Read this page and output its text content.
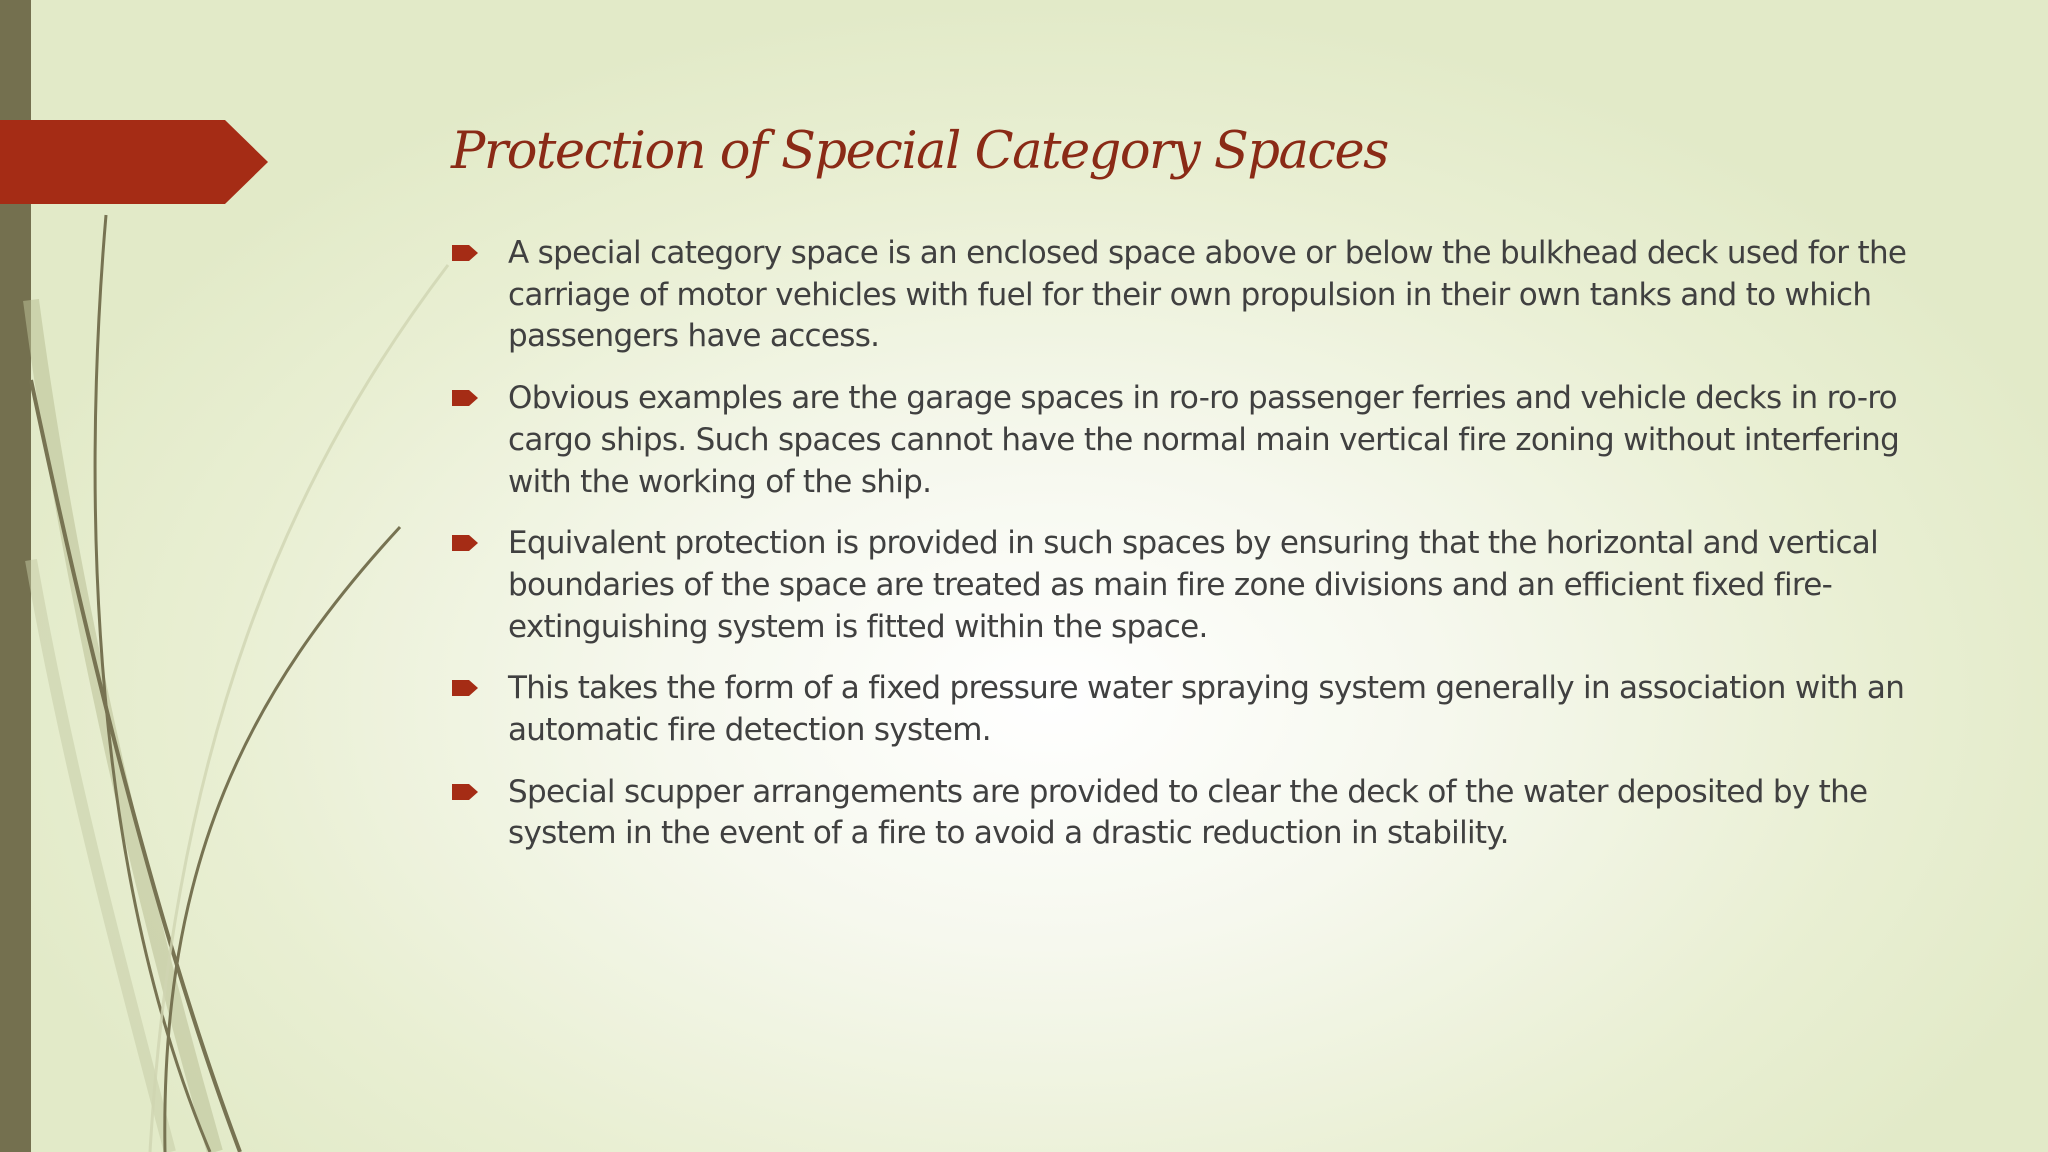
Protection of Special Category Spaces
A special category space is an enclosed space above or below the bulkhead deck used for the carriage of motor vehicles with fuel for their own propulsion in their own tanks and to which passengers have access.
Obvious examples are the garage spaces in ro-ro passenger ferries and vehicle decks in ro-ro cargo ships. Such spaces cannot have the normal main vertical fire zoning without interfering with the working of the ship.
Equivalent protection is provided in such spaces by ensuring that the horizontal and vertical boundaries of the space are treated as main fire zone divisions and an efficient fixed fire-extinguishing system is fitted within the space.
This takes the form of a fixed pressure water spraying system generally in association with an automatic fire detection system.
Special scupper arrangements are provided to clear the deck of the water deposited by the system in the event of a fire to avoid a drastic reduction in stability.
